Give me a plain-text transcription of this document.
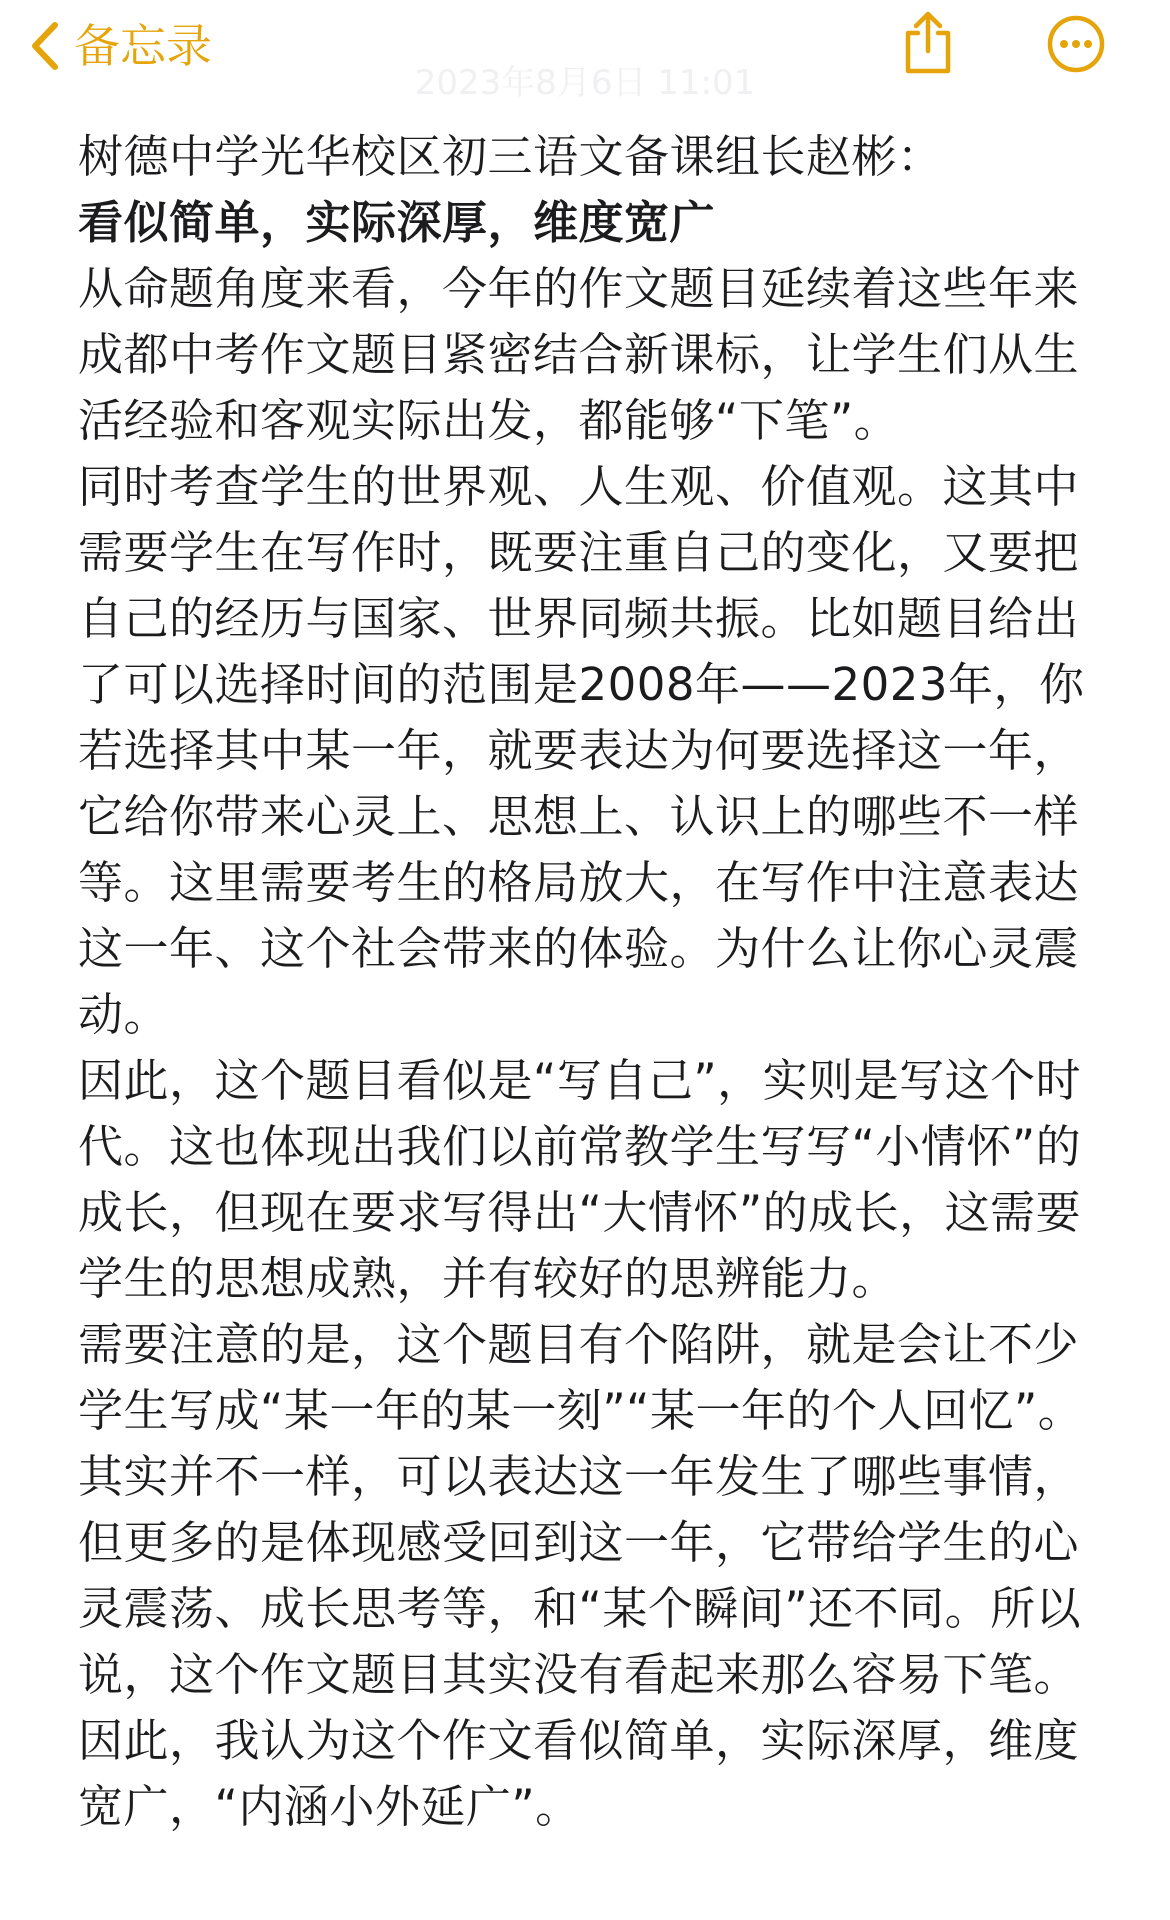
备忘录
2023年8月6日 11:01

树德中学光华校区初三语文备课组长赵彬：

看似简单，实际深厚，维度宽广

从命题角度来看，今年的作文题目延续着这些年来成都中考作文题目紧密结合新课标，让学生们从生活经验和客观实际出发，都能够“下笔”。

同时考查学生的世界观、人生观、价值观。这其中需要学生在写作时，既要注重自己的变化，又要把自己的经历与国家、世界同频共振。比如题目给出了可以选择时间的范围是2008年——2023年，你若选择其中某一年，就要表达为何要选择这一年，它给你带来心灵上、思想上、认识上的哪些不一样等。这里需要考生的格局放大，在写作中注意表达这一年、这个社会带来的体验。为什么让你心灵震动。

因此，这个题目看似是“写自己”，实则是写这个时代。这也体现出我们以前常教学生写写“小情怀”的成长，但现在要求写得出“大情怀”的成长，这需要学生的思想成熟，并有较好的思辨能力。

需要注意的是，这个题目有个陷阱，就是会让不少学生写成“某一年的某一刻”“某一年的个人回忆”。其实并不一样，可以表达这一年发生了哪些事情，但更多的是体现感受回到这一年，它带给学生的心灵震荡、成长思考等，和“某个瞬间”还不同。所以说，这个作文题目其实没有看起来那么容易下笔。因此，我认为这个作文看似简单，实际深厚，维度宽广，“内涵小外延广”。
